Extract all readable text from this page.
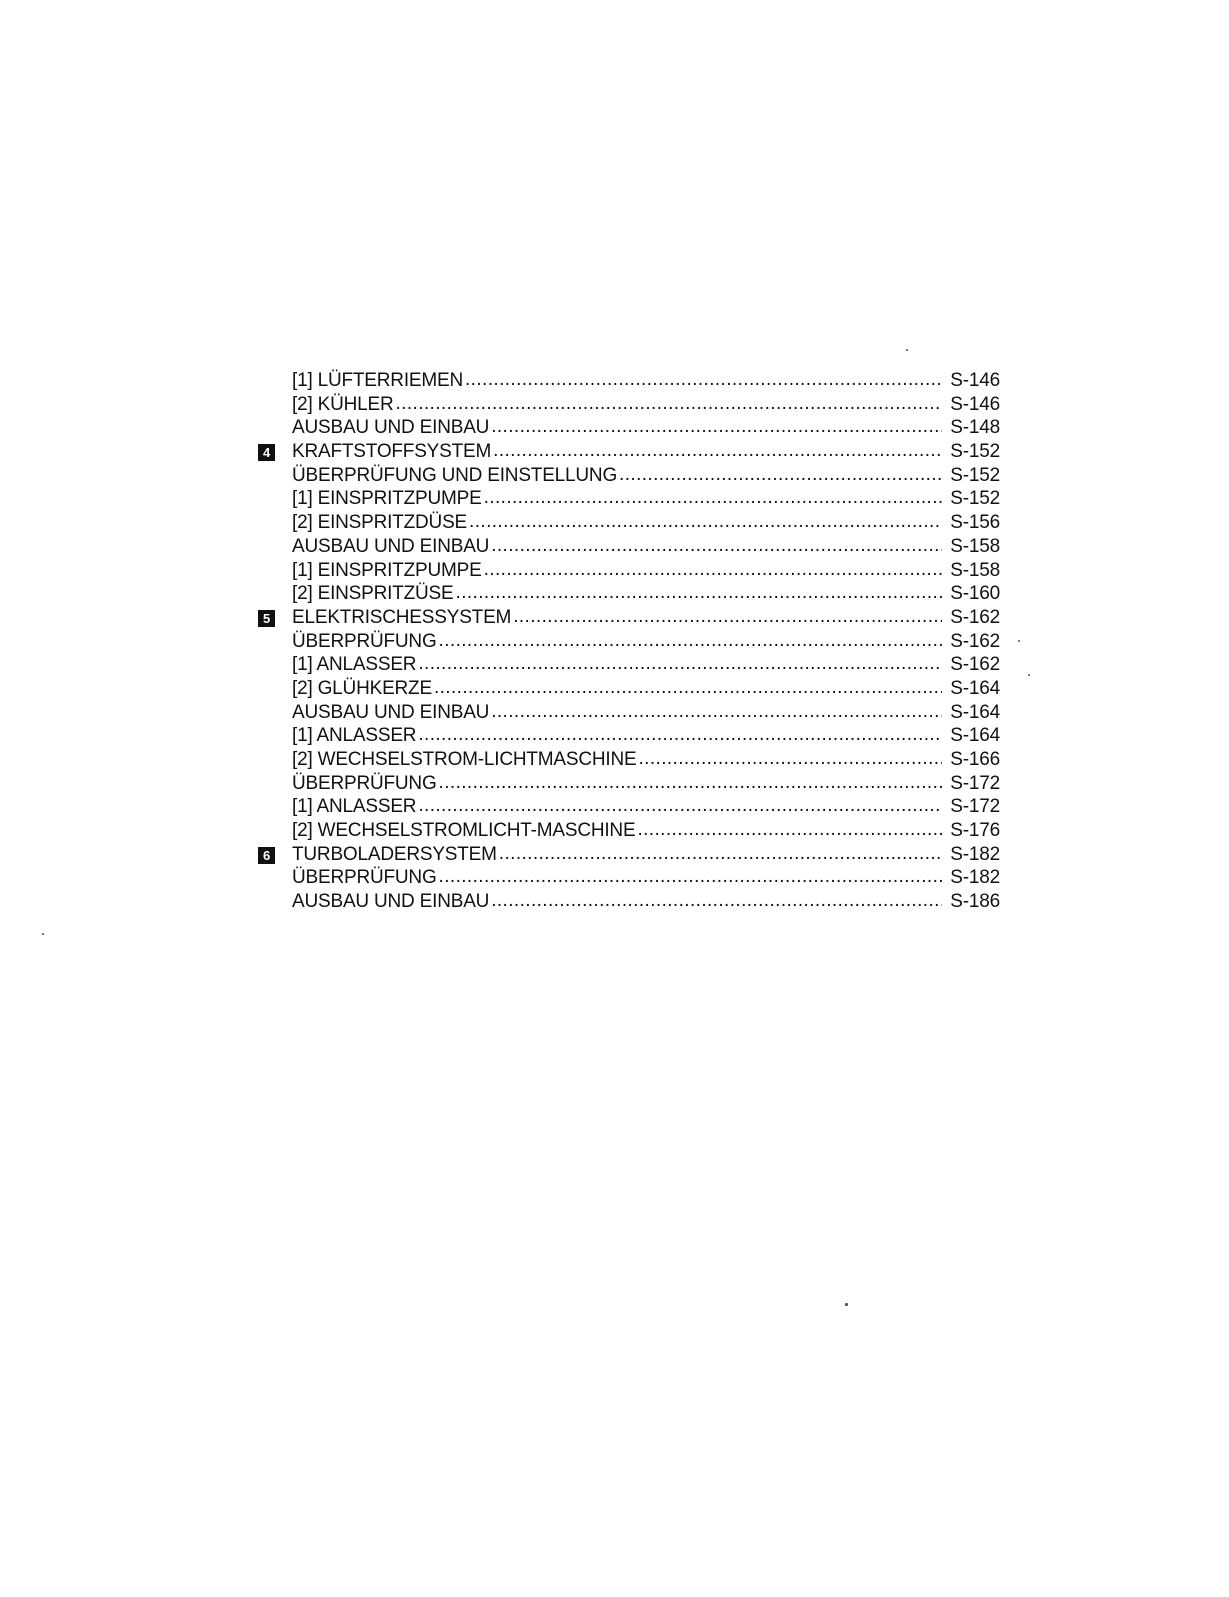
[1] LÜFTERRIEMEN .....	S-146
[2] KÜHLER .....	S-146
AUSBAU UND EINBAU .....	S-148
4	KRAFTSTOFFSYSTEM .....	S-152
ÜBERPRÜFUNG UND EINSTELLUNG .....	S-152
[1] EINSPRITZPUMPE .....	S-152
[2] EINSPRITZDÜSE .....	S-156
AUSBAU UND EINBAU .....	S-158
[1] EINSPRITZPUMPE .....	S-158
[2] EINSPRITZÜSE .....	S-160
5	ELEKTRISCHESSYSTEM .....	S-162
ÜBERPRÜFUNG .....	S-162
[1] ANLASSER .....	S-162
[2] GLÜHKERZE .....	S-164
AUSBAU UND EINBAU .....	S-164
[1] ANLASSER .....	S-164
[2] WECHSELSTROM-LICHTMASCHINE .....	S-166
ÜBERPRÜFUNG .....	S-172
[1] ANLASSER .....	S-172
[2] WECHSELSTROMLICHT-MASCHINE .....	S-176
6	TURBOLADERSYSTEM .....	S-182
ÜBERPRÜFUNG .....	S-182
AUSBAU UND EINBAU .....	S-186
